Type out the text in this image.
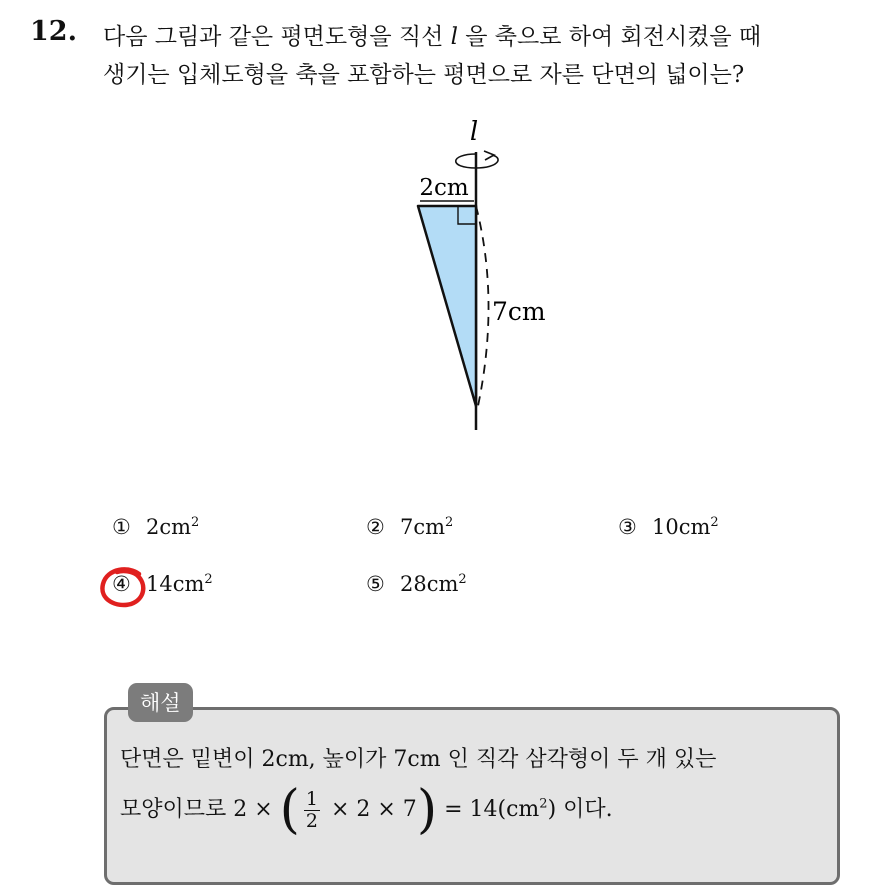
12. 다음 그림과 같은 평면도형을 직선 l 을 축으로 하여 회전시켰을 때
생기는 입체도형을 축을 포함하는 평면으로 자른 단면의 넓이는?
l
2cm
7cm
① $2cm^2$	② $7cm^2$	③ $10cm^2$
④ $14cm^2$	⑤ $28cm^2$
해설
단면은 밑변이 2cm, 높이가 7cm 인 직각 삼각형이 두 개 있는
모양이므로 2 × ( $\frac{1}{2} \times 2 \times 7) = 14(cm^2)$ 이다.
